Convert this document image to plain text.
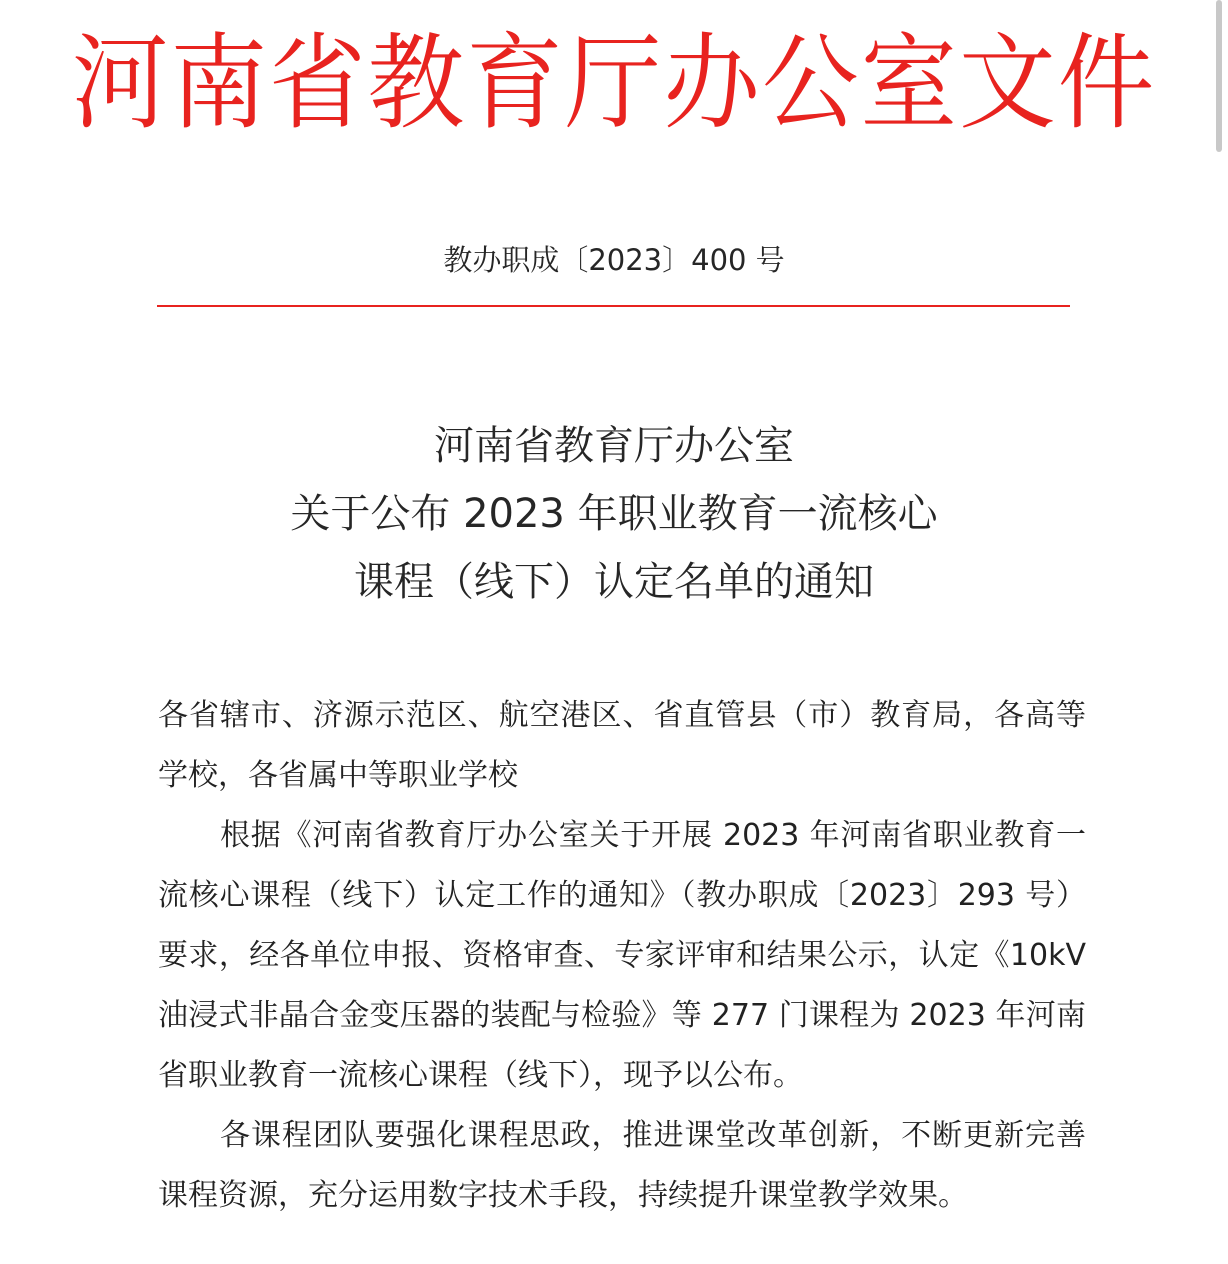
河南省教育厅办公室文件
教办职成〔2023〕400 号
河南省教育厅办公室
关于公布 2023 年职业教育一流核心
课程（线下）认定名单的通知

各省辖市、济源示范区、航空港区、省直管县（市）教育局，各高等学校，各省属中等职业学校

根据《河南省教育厅办公室关于开展 2023 年河南省职业教育一流核心课程（线下）认定工作的通知》（教办职成〔2023〕293 号）要求，经各单位申报、资格审查、专家评审和结果公示，认定《10kV 油浸式非晶合金变压器的装配与检验》等 277 门课程为 2023 年河南省职业教育一流核心课程（线下），现予以公布。

各课程团队要强化课程思政，推进课堂改革创新，不断更新完善课程资源，充分运用数字技术手段，持续提升课堂教学效果。
